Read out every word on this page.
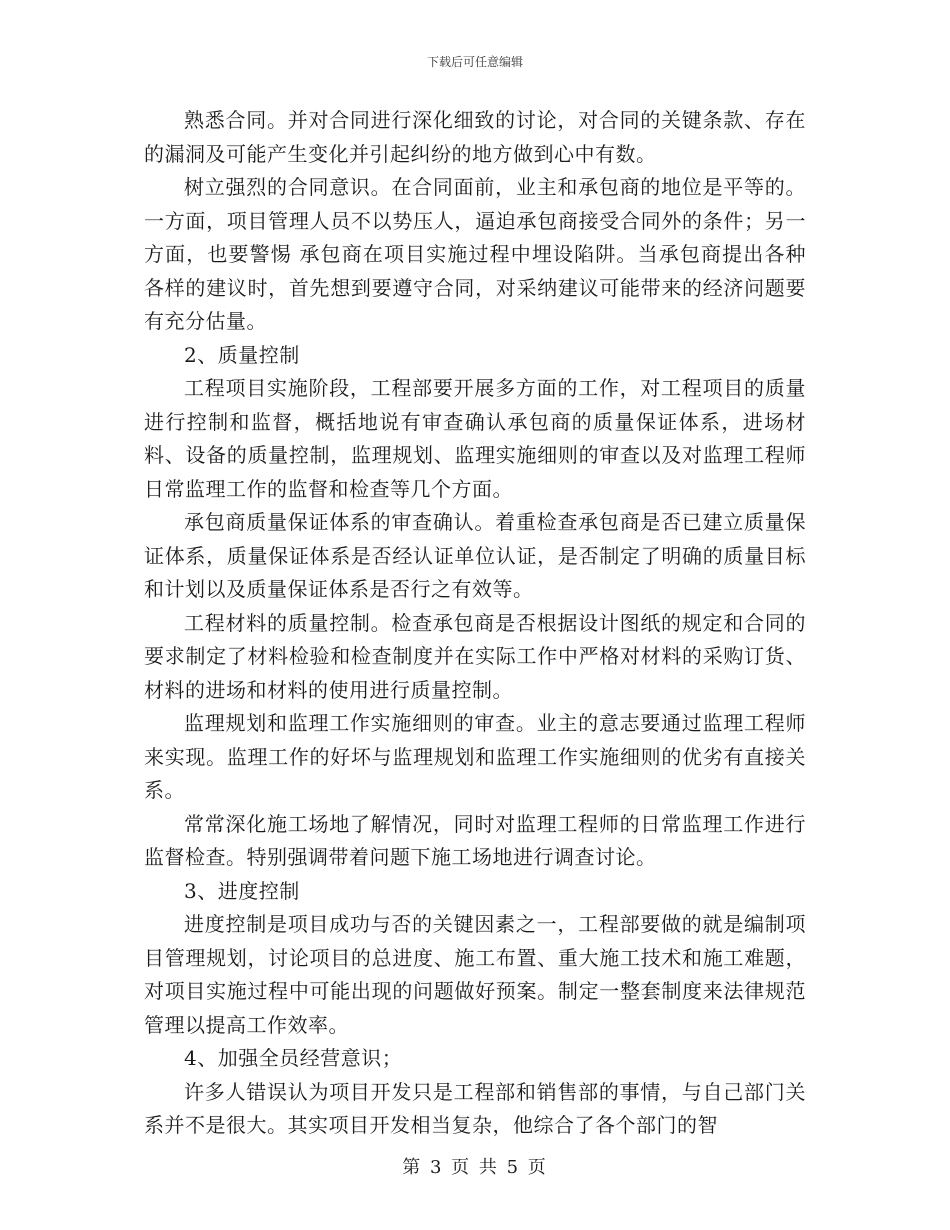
下载后可任意编辑

熟悉合同。并对合同进行深化细致的讨论，对合同的关键条款、存在的漏洞及可能产生变化并引起纠纷的地方做到心中有数。

树立强烈的合同意识。在合同面前，业主和承包商的地位是平等的。一方面，项目管理人员不以势压人，逼迫承包商接受合同外的条件；另一方面，也要警惕 承包商在项目实施过程中埋设陷阱。当承包商提出各种各样的建议时，首先想到要遵守合同，对采纳建议可能带来的经济问题要有充分估量。

2、质量控制

工程项目实施阶段，工程部要开展多方面的工作，对工程项目的质量进行控制和监督，概括地说有审查确认承包商的质量保证体系，进场材料、设备的质量控制，监理规划、监理实施细则的审查以及对监理工程师日常监理工作的监督和检查等几个方面。

承包商质量保证体系的审查确认。着重检查承包商是否已建立质量保证体系，质量保证体系是否经认证单位认证，是否制定了明确的质量目标和计划以及质量保证体系是否行之有效等。

工程材料的质量控制。检查承包商是否根据设计图纸的规定和合同的要求制定了材料检验和检查制度并在实际工作中严格对材料的采购订货、材料的进场和材料的使用进行质量控制。

监理规划和监理工作实施细则的审查。业主的意志要通过监理工程师来实现。监理工作的好坏与监理规划和监理工作实施细则的优劣有直接关系。

常常深化施工场地了解情况，同时对监理工程师的日常监理工作进行监督检查。特别强调带着问题下施工场地进行调查讨论。

3、进度控制

进度控制是项目成功与否的关键因素之一，工程部要做的就是编制项目管理规划，讨论项目的总进度、施工布置、重大施工技术和施工难题，对项目实施过程中可能出现的问题做好预案。制定一整套制度来法律规范管理以提高工作效率。

4、加强全员经营意识；

许多人错误认为项目开发只是工程部和销售部的事情，与自己部门关系并不是很大。其实项目开发相当复杂，他综合了各个部门的智

第 3 页 共 5 页
